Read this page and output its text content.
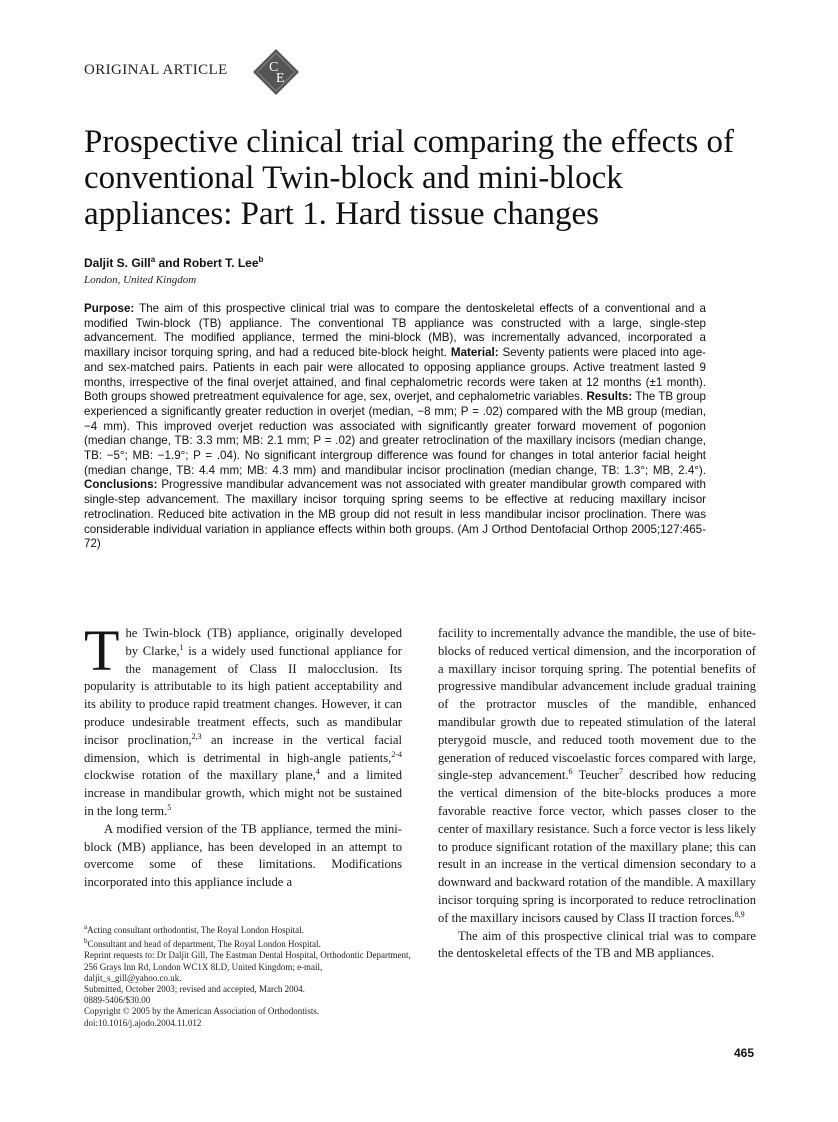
ORIGINAL ARTICLE	C
E
Prospective clinical trial comparing the effects of conventional Twin-block and mini-block appliances: Part 1. Hard tissue changes
Daljit S. Gill$^a$ and Robert T. Lee$^b$
London, United Kingdom

Purpose: The aim of this prospective clinical trial was to compare the dentoskeletal effects of a conventional and a modified Twin-block (TB) appliance. The conventional TB appliance was constructed with a large, single-step advancement. The modified appliance, termed the mini-block (MB), was incrementally advanced, incorporated a maxillary incisor torquing spring, and had a reduced bite-block height. Material: Seventy patients were placed into age- and sex-matched pairs. Patients in each pair were allocated to opposing appliance groups. Active treatment lasted 9 months, irrespective of the final overjet attained, and final cephalometric records were taken at 12 months (±1 month). Both groups showed pretreatment equivalence for age, sex, overjet, and cephalometric variables. Results: The TB group experienced a significantly greater reduction in overjet (median, −8 mm; P = .02) compared with the MB group (median, −4 mm). This improved overjet reduction was associated with significantly greater forward movement of pogonion (median change, TB: 3.3 mm; MB: 2.1 mm; P = .02) and greater retroclination of the maxillary incisors (median change, TB: −5°; MB: −1.9°; P = .04). No significant intergroup difference was found for changes in total anterior facial height (median change, TB: 4.4 mm; MB: 4.3 mm) and mandibular incisor proclination (median change, TB: 1.3°; MB, 2.4°). Conclusions: Progressive mandibular advancement was not associated with greater mandibular growth compared with single-step advancement. The maxillary incisor torquing spring seems to be effective at reducing maxillary incisor retroclination. Reduced bite activation in the MB group did not result in less mandibular incisor proclination. There was considerable individual variation in appliance effects within both groups. (Am J Orthod Dentofacial Orthop 2005;127:465-72)

The Twin-block (TB) appliance, originally developed by Clarke,$^1$ is a widely used functional appliance for the management of Class II malocclusion. Its popularity is attributable to its high patient acceptability and its ability to produce rapid treatment changes. However, it can produce undesirable treatment effects, such as mandibular incisor proclination,$^{2,3}$ an increase in the vertical facial dimension, which is detrimental in high-angle patients,$^{2-4}$ clockwise rotation of the maxillary plane,$^4$ and a limited increase in mandibular growth, which might not be sustained in the long term.$^5$

A modified version of the TB appliance, termed the mini-block (MB) appliance, has been developed in an attempt to overcome some of these limitations. Modifications incorporated into this appliance include a

facility to incrementally advance the mandible, the use of bite-blocks of reduced vertical dimension, and the incorporation of a maxillary incisor torquing spring. The potential benefits of progressive mandibular advancement include gradual training of the protractor muscles of the mandible, enhanced mandibular growth due to repeated stimulation of the lateral pterygoid muscle, and reduced tooth movement due to the generation of reduced viscoelastic forces compared with large, single-step advancement.$^6$ Teucher$^7$ described how reducing the vertical dimension of the bite-blocks produces a more favorable reactive force vector, which passes closer to the center of maxillary resistance. Such a force vector is less likely to produce significant rotation of the maxillary plane; this can result in an increase in the vertical dimension secondary to a downward and backward rotation of the mandible. A maxillary incisor torquing spring is incorporated to reduce retroclination of the maxillary incisors caused by Class II traction forces.$^{8,9}$

The aim of this prospective clinical trial was to compare the dentoskeletal effects of the TB and MB appliances.

$^a$Acting consultant orthodontist, The Royal London Hospital.
$^b$Consultant and head of department, The Royal London Hospital.
Reprint requests to: Dr Daljit Gill, The Eastman Dental Hospital, Orthodontic Department, 256 Grays Inn Rd, London WC1X 8LD, United Kingdom; e-mail, daljit_s_gill@yahoo.co.uk.
Submitted, October 2003; revised and accepted, March 2004.
0889-5406/$30.00
Copyright © 2005 by the American Association of Orthodontists.
doi:10.1016/j.ajodo.2004.11.012
465
